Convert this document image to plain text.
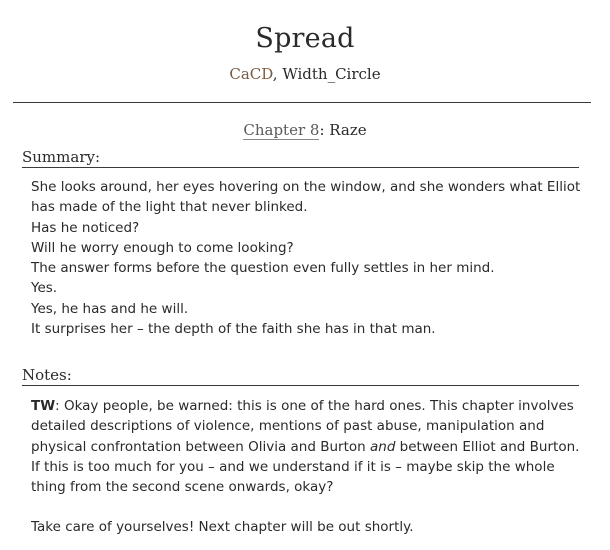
Spread
CaCD, Width_Circle
Chapter 8: Raze
Summary:

She looks around, her eyes hovering on the window, and she wonders what Elliot has made of the light that never blinked.

Has he noticed?

Will he worry enough to come looking?

The answer forms before the question even fully settles in her mind.

Yes.

Yes, he has and he will.

It surprises her – the depth of the faith she has in that man.

Notes:

TW: Okay people, be warned: this is one of the hard ones. This chapter involves detailed descriptions of violence, mentions of past abuse, manipulation and physical confrontation between Olivia and Burton and between Elliot and Burton. If this is too much for you – and we understand if it is – maybe skip the whole thing from the second scene onwards, okay?

Take care of yourselves! Next chapter will be out shortly.
